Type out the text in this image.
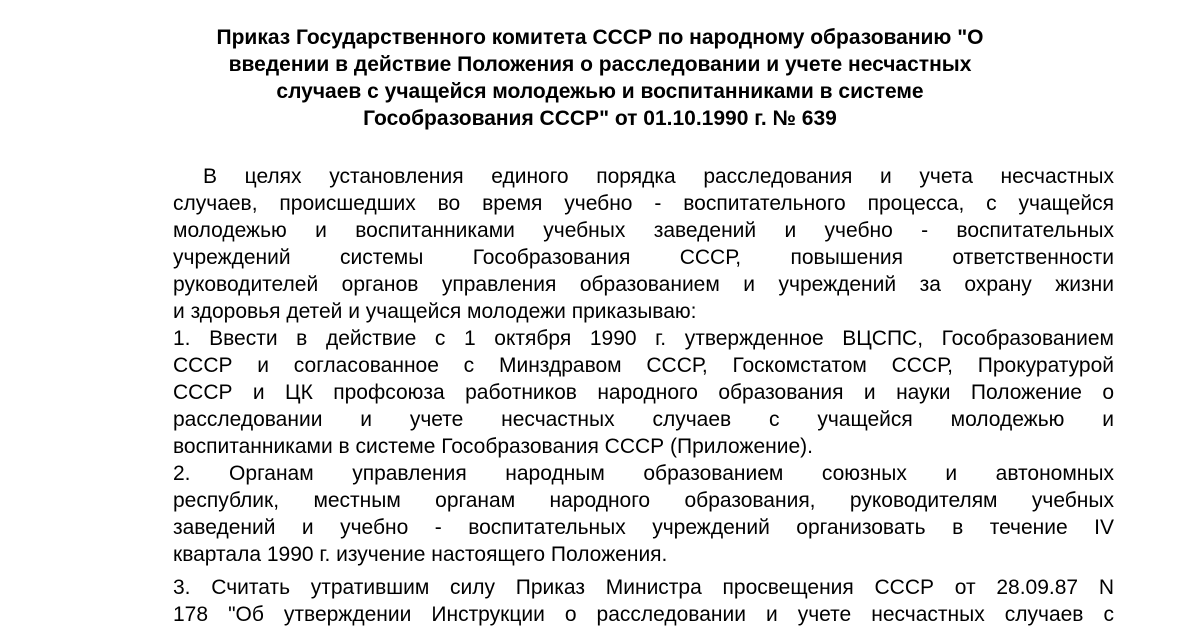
Приказ Государственного комитета СССР по народному образованию "О
введении в действие Положения о расследовании и учете несчастных
случаев с учащейся молодежью и воспитанниками в системе
Гособразования СССР" от 01.10.1990 г. № 639
В целях установления единого порядка расследования и учета несчастных
случаев, происшедших во время учебно - воспитательного процесса, с учащейся
молодежью и воспитанниками учебных заведений и учебно - воспитательных
учреждений системы Гособразования СССР, повышения ответственности
руководителей органов управления образованием и учреждений за охрану жизни
и здоровья детей и учащейся молодежи приказываю:
1. Ввести в действие с 1 октября 1990 г. утвержденное ВЦСПС, Гособразованием
СССР и согласованное с Минздравом СССР, Госкомстатом СССР, Прокуратурой
СССР и ЦК профсоюза работников народного образования и науки Положение о
расследовании и учете несчастных случаев с учащейся молодежью и
воспитанниками в системе Гособразования СССР (Приложение).
2. Органам управления народным образованием союзных и автономных
республик, местным органам народного образования, руководителям учебных
заведений и учебно - воспитательных учреждений организовать в течение IV
квартала 1990 г. изучение настоящего Положения.
3. Считать утратившим силу Приказ Министра просвещения СССР от 28.09.87 N
178 "Об утверждении Инструкции о расследовании и учете несчастных случаев с
